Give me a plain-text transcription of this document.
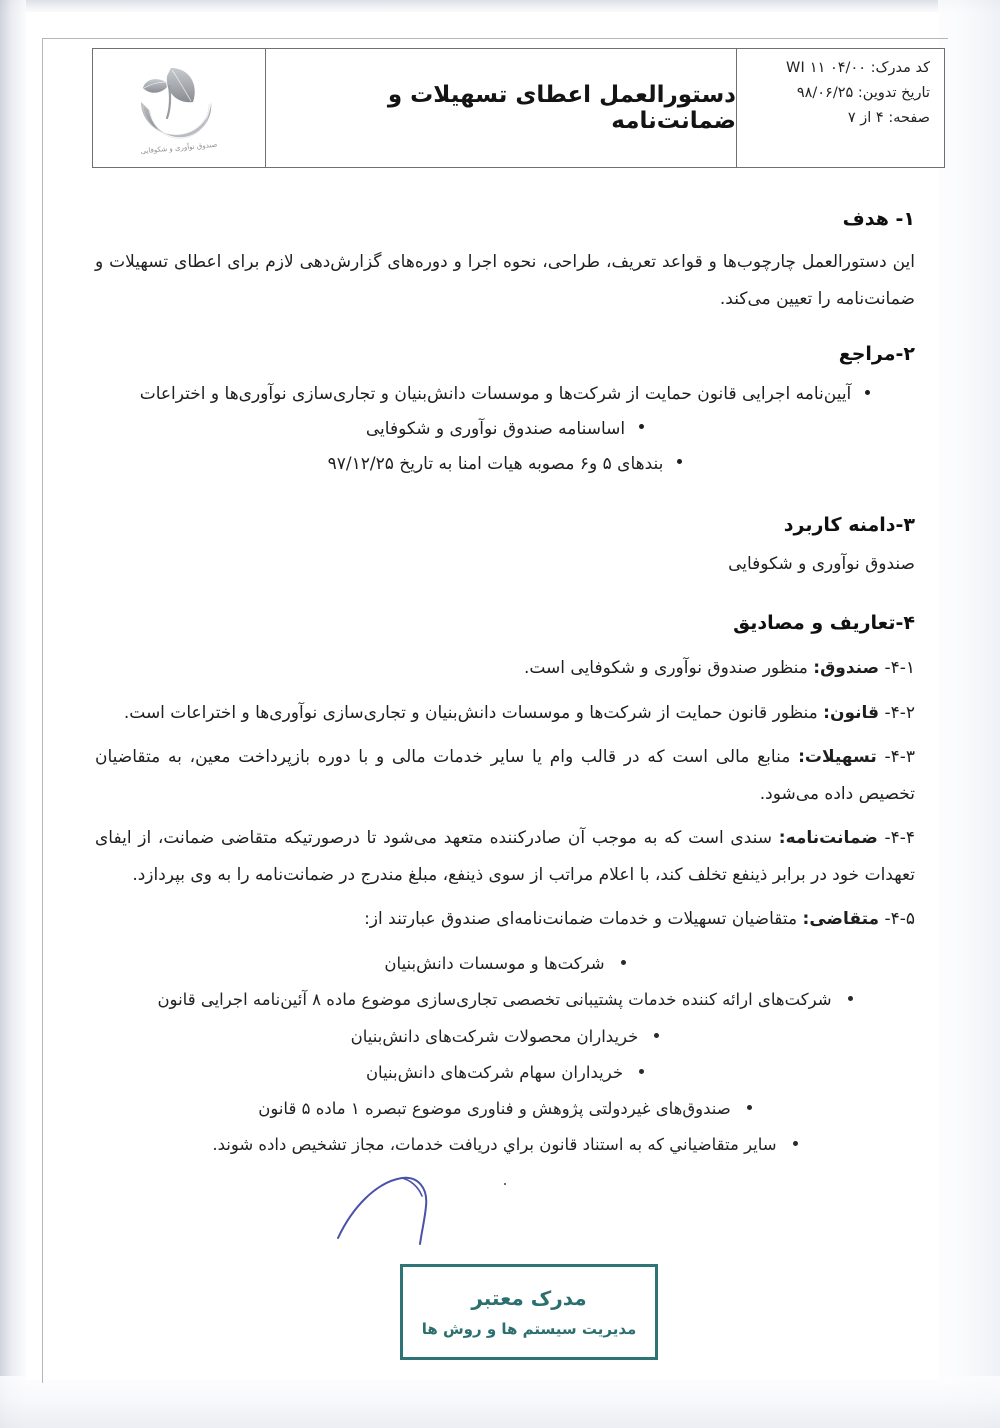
کد مدرک: WI ۱۱ ۰۴/۰۰
تاریخ تدوین: ۹۸/۰۶/۲۵
صفحه: ۴ از ۷
دستورالعمل اعطای تسهیلات و ضمانت‌نامه
صندوق نوآوری و شکوفایی
۱- هدف

این دستورالعمل چارچوب‌ها و قواعد تعریف، طراحی، نحوه اجرا و دوره‌های گزارش‌دهی لازم برای اعطای تسهیلات و ضمانت‌نامه را تعیین می‌کند.

۲-مراجع
آیین‌نامه اجرایی قانون حمایت از شرکت‌ها و موسسات دانش‌بنیان و تجاری‌سازی نوآوری‌ها و اختراعات
اساسنامه صندوق نوآوری و شکوفایی
بندهای ۵ و۶ مصوبه هیات امنا به تاریخ ۹۷/۱۲/۲۵
۳-دامنه کاربرد

صندوق نوآوری و شکوفایی

۴-تعاریف و مصادیق

۴-۱- صندوق: منظور صندوق نوآوری و شکوفایی است.

۴-۲- قانون: منظور قانون حمایت از شرکت‌ها و موسسات دانش‌بنیان و تجاری‌سازی نوآوری‌ها و اختراعات است.

۴-۳- تسهیلات: منابع مالی است که در قالب وام یا سایر خدمات مالی و با دوره بازپرداخت معین، به متقاضیان تخصیص داده می‌شود.

۴-۴- ضمانت‌نامه: سندی است که به موجب آن صادرکننده متعهد می‌شود تا درصورتیکه متقاضی ضمانت، از ایفای تعهدات خود در برابر ذینفع تخلف کند، با اعلام مراتب از سوی ذینفع، مبلغ مندرج در ضمانت‌نامه را به وی بپردازد.

۴-۵- متقاضی: متقاضیان تسهیلات و خدمات ضمانت‌نامه‌ای صندوق عبارتند از:

شرکت‌ها و موسسات دانش‌بنیان
شرکت‌های ارائه کننده خدمات پشتیبانی تخصصی تجاری‌سازی موضوع ماده ۸ آئین‌نامه اجرایی قانون
خریداران محصولات شرکت‌های دانش‌بنیان
خریداران سهام شرکت‌های دانش‌بنیان
صندوق‌های غیردولتی پژوهش و فناوری موضوع تبصره ۱ ماده ۵ قانون
ساير متقاضياني كه به استناد قانون براي دريافت خدمات، مجاز تشخيص داده شوند.
.
مدرک معتبر
مدیریت سیستم ها و روش ها
